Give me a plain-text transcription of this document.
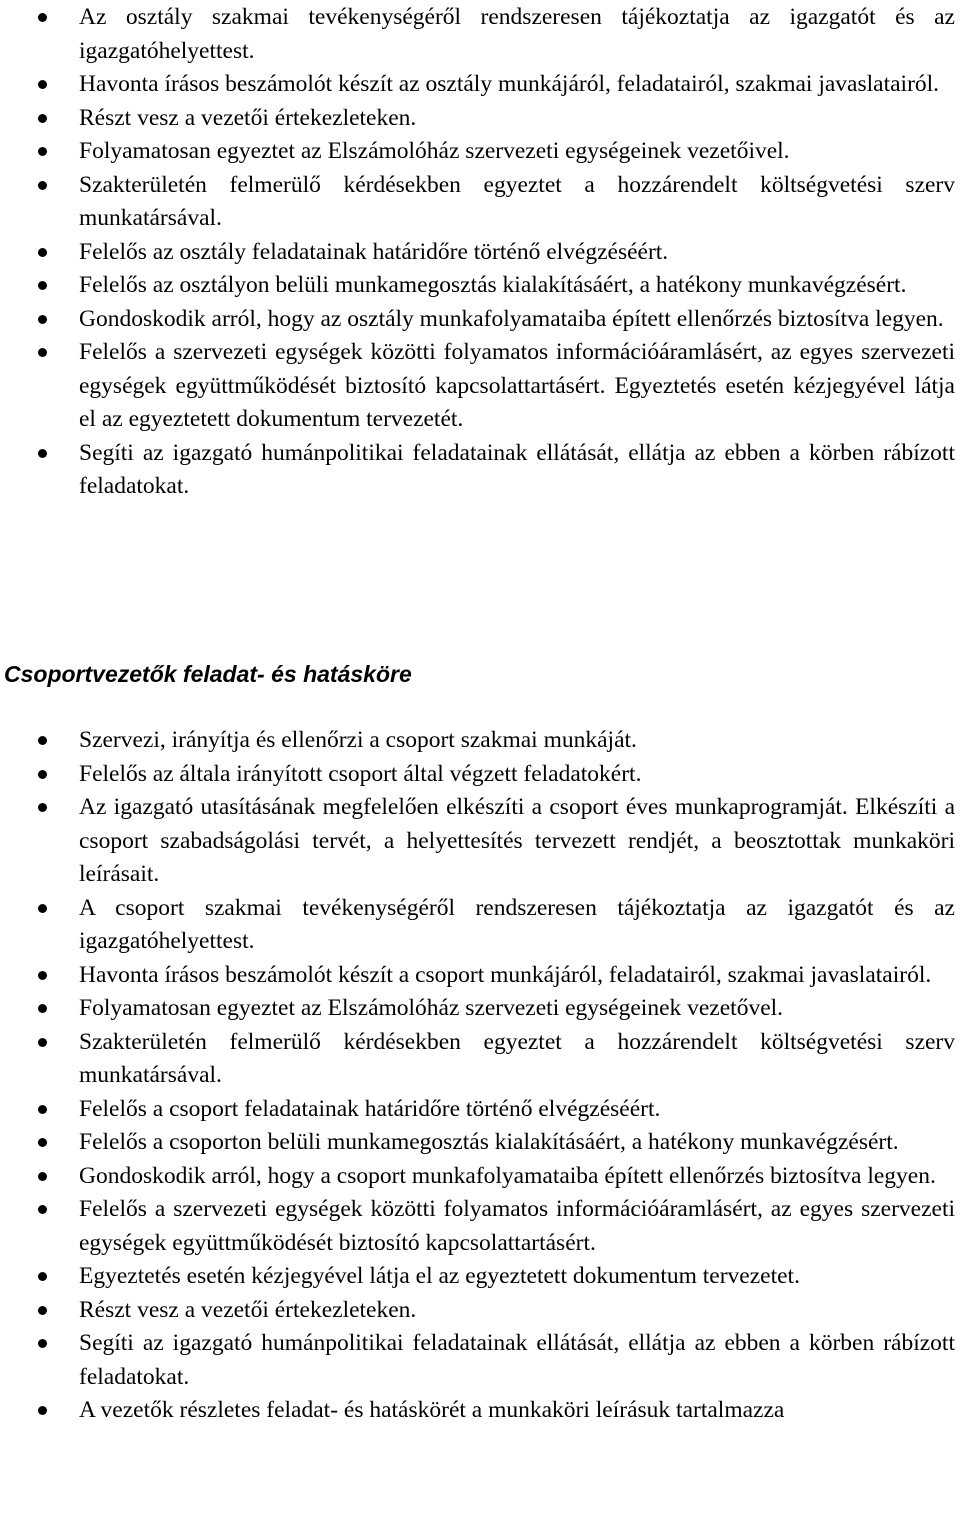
Az osztály szakmai tevékenységéről rendszeresen tájékoztatja az igazgatót és az igazgatóhelyettest.
Havonta írásos beszámolót készít az osztály munkájáról, feladatairól, szakmai javaslatairól.
Részt vesz a vezetői értekezleteken.
Folyamatosan egyeztet az Elszámolóház szervezeti egységeinek vezetőivel.
Szakterületén felmerülő kérdésekben egyeztet a hozzárendelt költségvetési szerv munkatársával.
Felelős az osztály feladatainak határidőre történő elvégzéséért.
Felelős az osztályon belüli munkamegosztás kialakításáért, a hatékony munkavégzésért.
Gondoskodik arról, hogy az osztály munkafolyamataiba épített ellenőrzés biztosítva legyen.
Felelős a szervezeti egységek közötti folyamatos információáramlásért, az egyes szervezeti egységek együttműködését biztosító kapcsolattartásért. Egyeztetés esetén kézjegyével látja el az egyeztetett dokumentum tervezetét.
Segíti az igazgató humánpolitikai feladatainak ellátását, ellátja az ebben a körben rábízott feladatokat.
Csoportvezetők feladat- és hatásköre
Szervezi, irányítja és ellenőrzi a csoport szakmai munkáját.
Felelős az általa irányított csoport által végzett feladatokért.
Az igazgató utasításának megfelelően elkészíti a csoport éves munkaprogramját. Elkészíti a csoport szabadságolási tervét, a helyettesítés tervezett rendjét, a beosztottak munkaköri leírásait.
A csoport szakmai tevékenységéről rendszeresen tájékoztatja az igazgatót és az igazgatóhelyettest.
Havonta írásos beszámolót készít a csoport munkájáról, feladatairól, szakmai javaslatairól.
Folyamatosan egyeztet az Elszámolóház szervezeti egységeinek vezetővel.
Szakterületén felmerülő kérdésekben egyeztet a hozzárendelt költségvetési szerv munkatársával.
Felelős a csoport feladatainak határidőre történő elvégzéséért.
Felelős a csoporton belüli munkamegosztás kialakításáért, a hatékony munkavégzésért.
Gondoskodik arról, hogy a csoport munkafolyamataiba épített ellenőrzés biztosítva legyen.
Felelős a szervezeti egységek közötti folyamatos információáramlásért, az egyes szervezeti egységek együttműködését biztosító kapcsolattartásért.
Egyeztetés esetén kézjegyével látja el az egyeztetett dokumentum tervezetet.
Részt vesz a vezetői értekezleteken.
Segíti az igazgató humánpolitikai feladatainak ellátását, ellátja az ebben a körben rábízott feladatokat.
A vezetők részletes feladat- és hatáskörét a munkaköri leírásuk tartalmazza
